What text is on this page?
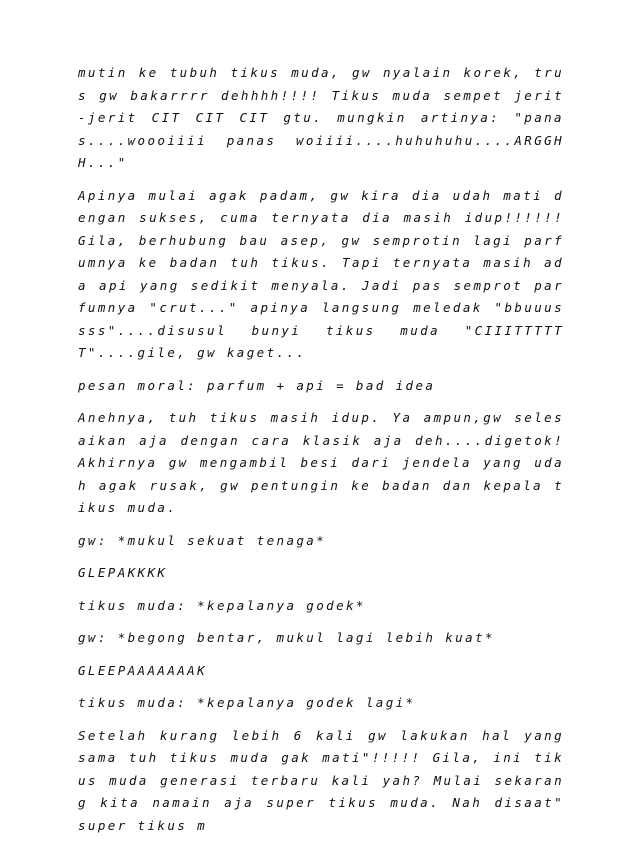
mutin ke tubuh tikus muda, gw nyalain korek, trus gw bakarrrr dehhhh!!!! Tikus muda sempet jerit-jerit CIT CIT CIT gtu. mungkin artinya: "panas....woooiiii panas woiiii....huhuhuhu....ARGGHH..."

Apinya mulai agak padam, gw kira dia udah mati dengan sukses, cuma ternyata dia masih idup!!!!!! Gila, berhubung bau asep, gw semprotin lagi parfumnya ke badan tuh tikus. Tapi ternyata masih ada api yang sedikit menyala. Jadi pas semprot parfumnya "crut..." apinya langsung meledak "bbuuussss"....disusul bunyi tikus muda "CIIITTTTTT"....gile, gw kaget...

pesan moral: parfum + api = bad idea

Anehnya, tuh tikus masih idup. Ya ampun,gw selesaikan aja dengan cara klasik aja deh....digetok! Akhirnya gw mengambil besi dari jendela yang udah agak rusak, gw pentungin ke badan dan kepala tikus muda.

gw: *mukul sekuat tenaga*

GLEPAKKKK

tikus muda: *kepalanya godek*

gw: *begong bentar, mukul lagi lebih kuat*

GLEEPAAAAAAAK

tikus muda: *kepalanya godek lagi*

Setelah kurang lebih 6 kali gw lakukan hal yang sama tuh tikus muda gak mati"!!!!! Gila, ini tikus muda generasi terbaru kali yah? Mulai sekarang kita namain aja super tikus muda. Nah disaat" super tikus m
